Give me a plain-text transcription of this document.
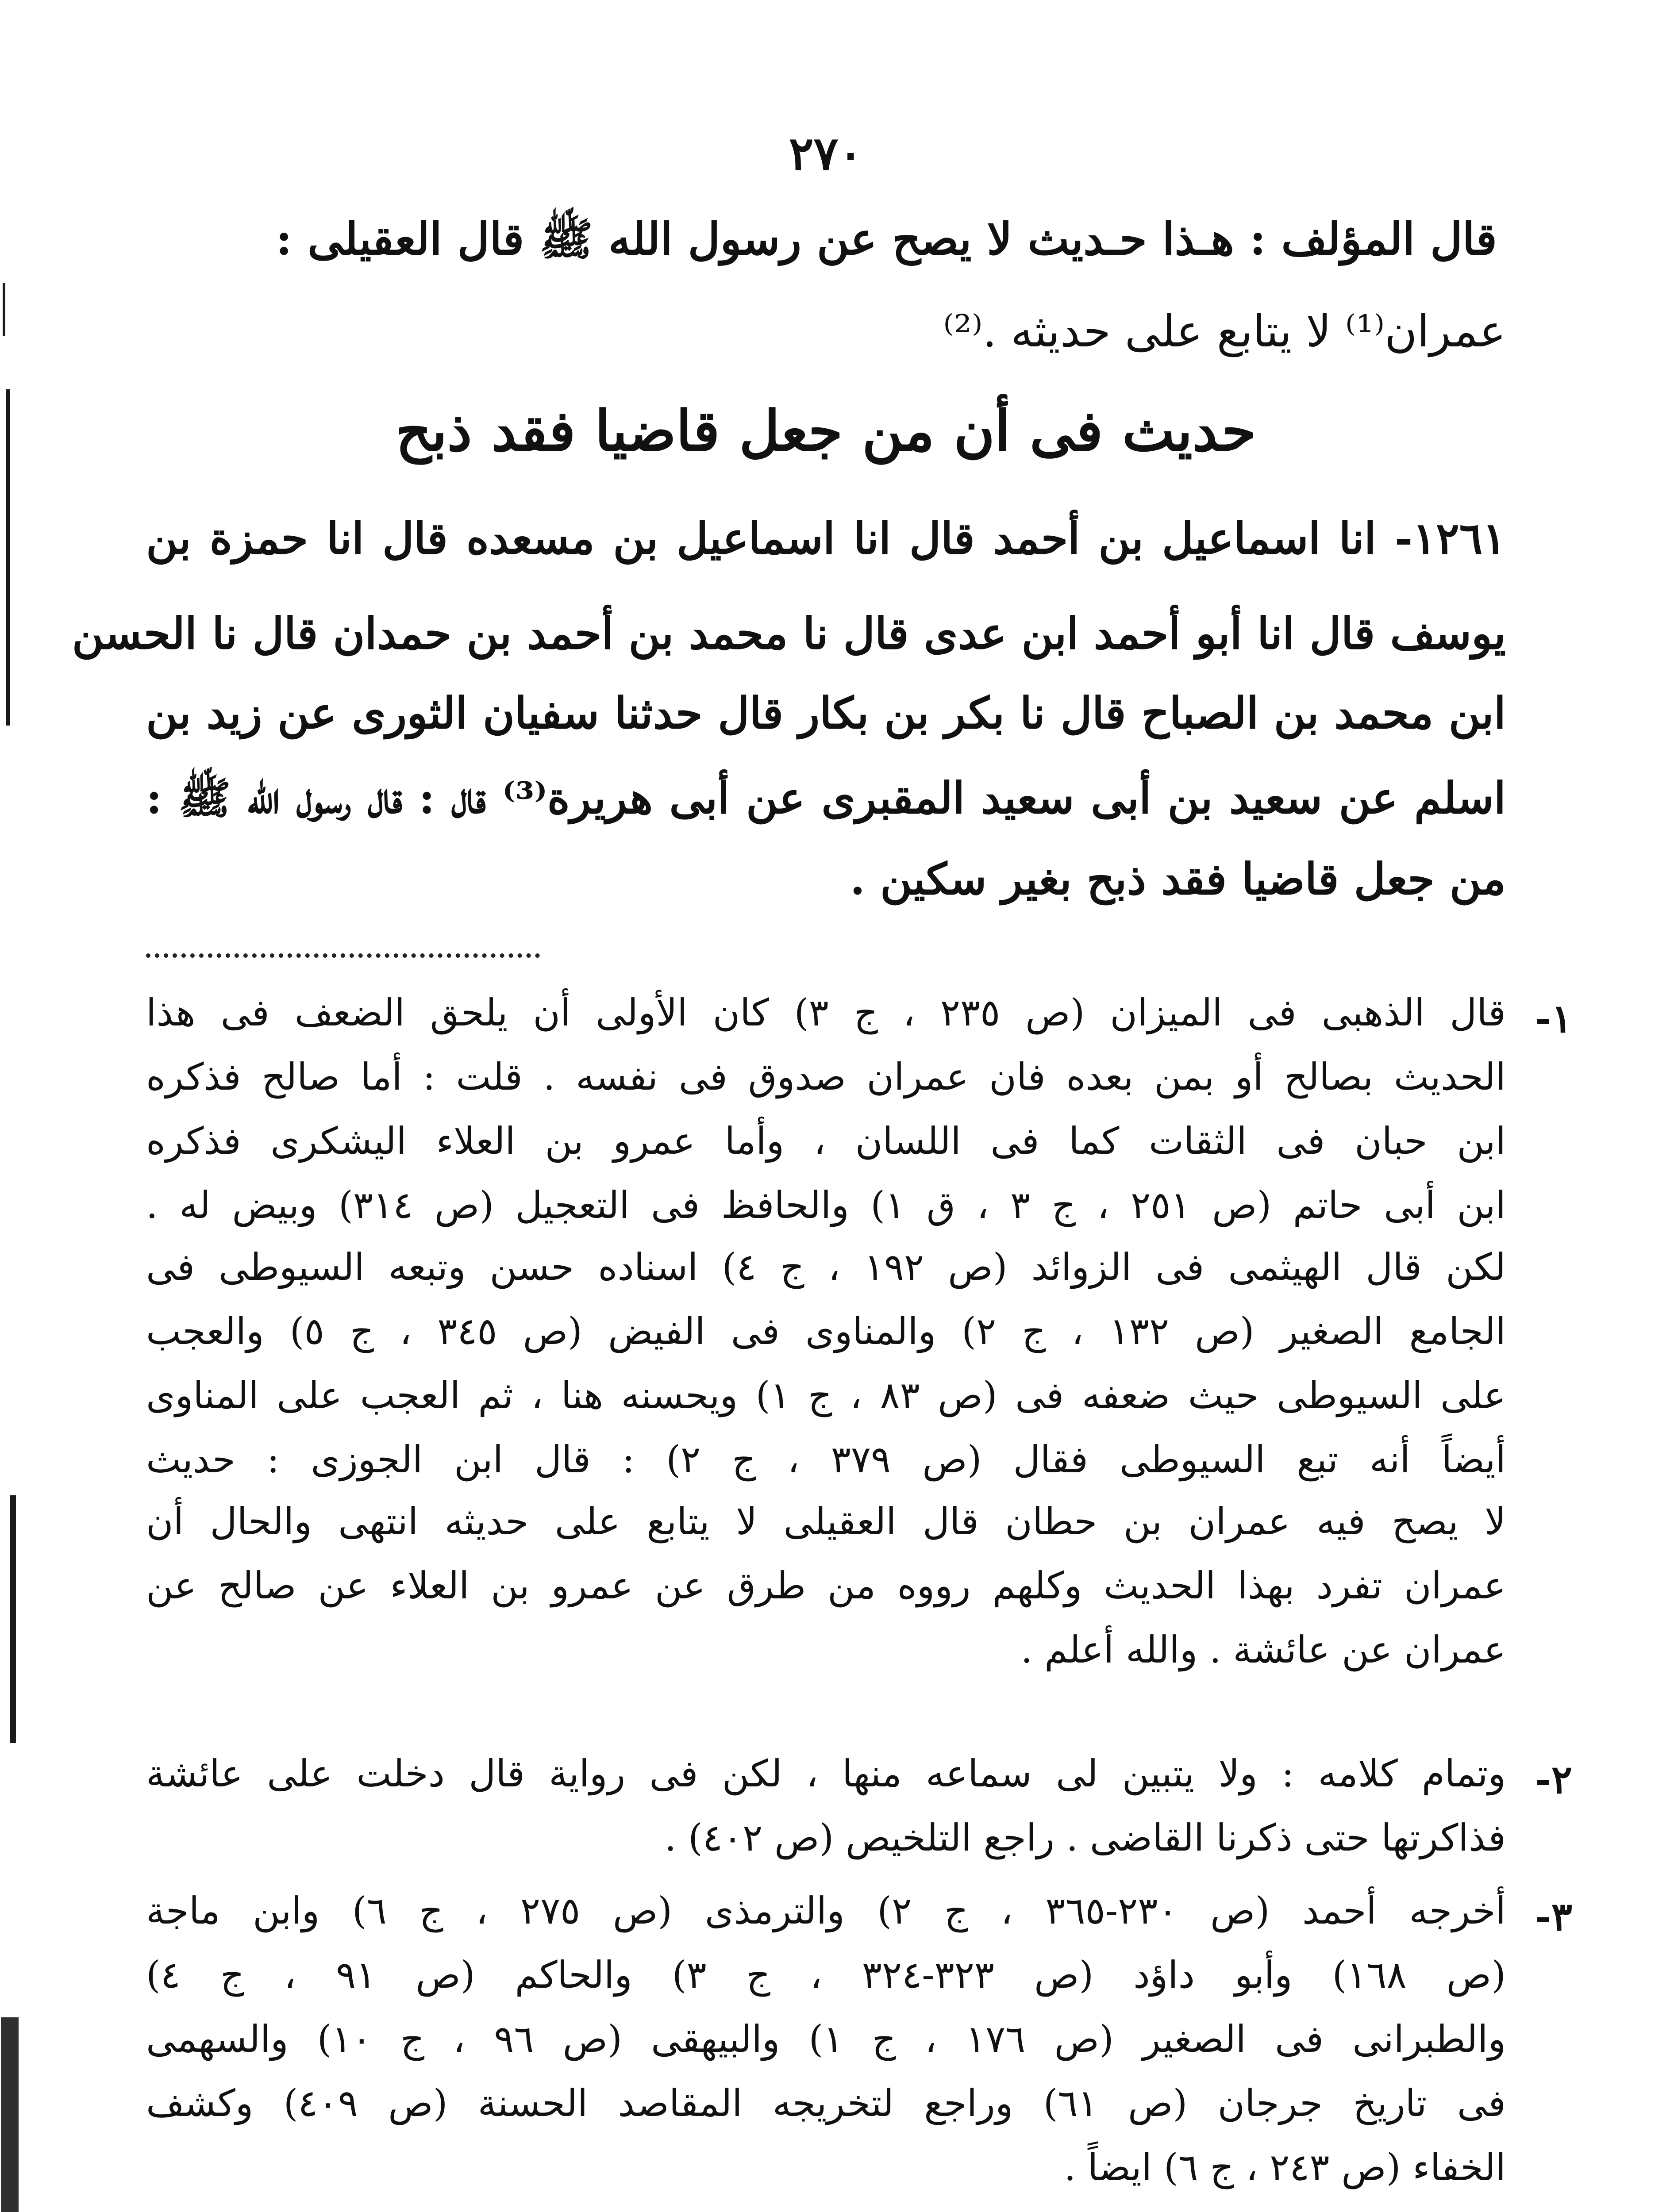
٢٧٠
قال المؤلف : هـذا حـديث لا يصح عن رسول الله ﷺ قال العقيلى :
عمران⁽¹⁾ لا يتابع على حديثه .⁽²⁾
حديث فى أن من جعل قاضيا فقد ذبح
١٢٦١- انا اسماعيل بن أحمد قال انا اسماعيل بن مسعده قال انا حمزة بن
يوسف قال انا أبو أحمد ابن عدى قال نا محمد بن أحمد بن حمدان قال نا الحسن
ابن محمد بن الصباح قال نا بكر بن بكار قال حدثنا سفيان الثورى عن زيد بن
اسلم عن سعيد بن أبى سعيد المقبرى عن أبى هريرة⁽³⁾ قال : قال رسول الله ﷺ :
من جعل قاضيا فقد ذبح بغير سكين .
١-
قال الذهبى فى الميزان (ص ٢٣٥ ، ج ٣) كان الأولى أن يلحق الضعف فى هذا
الحديث بصالح أو بمن بعده فان عمران صدوق فى نفسه . قلت : أما صالح فذكره
ابن حبان فى الثقات كما فى اللسان ، وأما عمرو بن العلاء اليشكرى فذكره
ابن أبى حاتم (ص ٢٥١ ، ج ٣ ، ق ١) والحافظ فى التعجيل (ص ٣١٤) وبيض له .
لكن قال الهيثمى فى الزوائد (ص ١٩٢ ، ج ٤) اسناده حسن وتبعه السيوطى فى
الجامع الصغير (ص ١٣٢ ، ج ٢) والمناوى فى الفيض (ص ٣٤٥ ، ج ٥) والعجب
على السيوطى حيث ضعفه فى (ص ٨٣ ، ج ١) ويحسنه هنا ، ثم العجب على المناوى
أيضاً أنه تبع السيوطى فقال (ص ٣٧٩ ، ج ٢) : قال ابن الجوزى : حديث
لا يصح فيه عمران بن حطان قال العقيلى لا يتابع على حديثه انتهى والحال أن
عمران تفرد بهذا الحديث وكلهم رووه من طرق عن عمرو بن العلاء عن صالح عن
عمران عن عائشة . والله أعلم .
٢-
وتمام كلامه : ولا يتبين لى سماعه منها ، لكن فى رواية قال دخلت على عائشة
فذاكرتها حتى ذكرنا القاضى . راجع التلخيص (ص ٤٠٢) .
٣-
أخرجه أحمد (ص ٢٣٠-٣٦٥ ، ج ٢) والترمذى (ص ٢٧٥ ، ج ٦) وابن ماجة
(ص ١٦٨) وأبو داؤد (ص ٣٢٣-٣٢٤ ، ج ٣) والحاكم (ص ٩١ ، ج ٤)
والطبرانى فى الصغير (ص ١٧٦ ، ج ١) والبيهقى (ص ٩٦ ، ج ١٠) والسهمى
فى تاريخ جرجان (ص ٦١) وراجع لتخريجه المقاصد الحسنة (ص ٤٠٩) وكشف
الخفاء (ص ٢٤٣ ، ج ٦) ايضاً .
